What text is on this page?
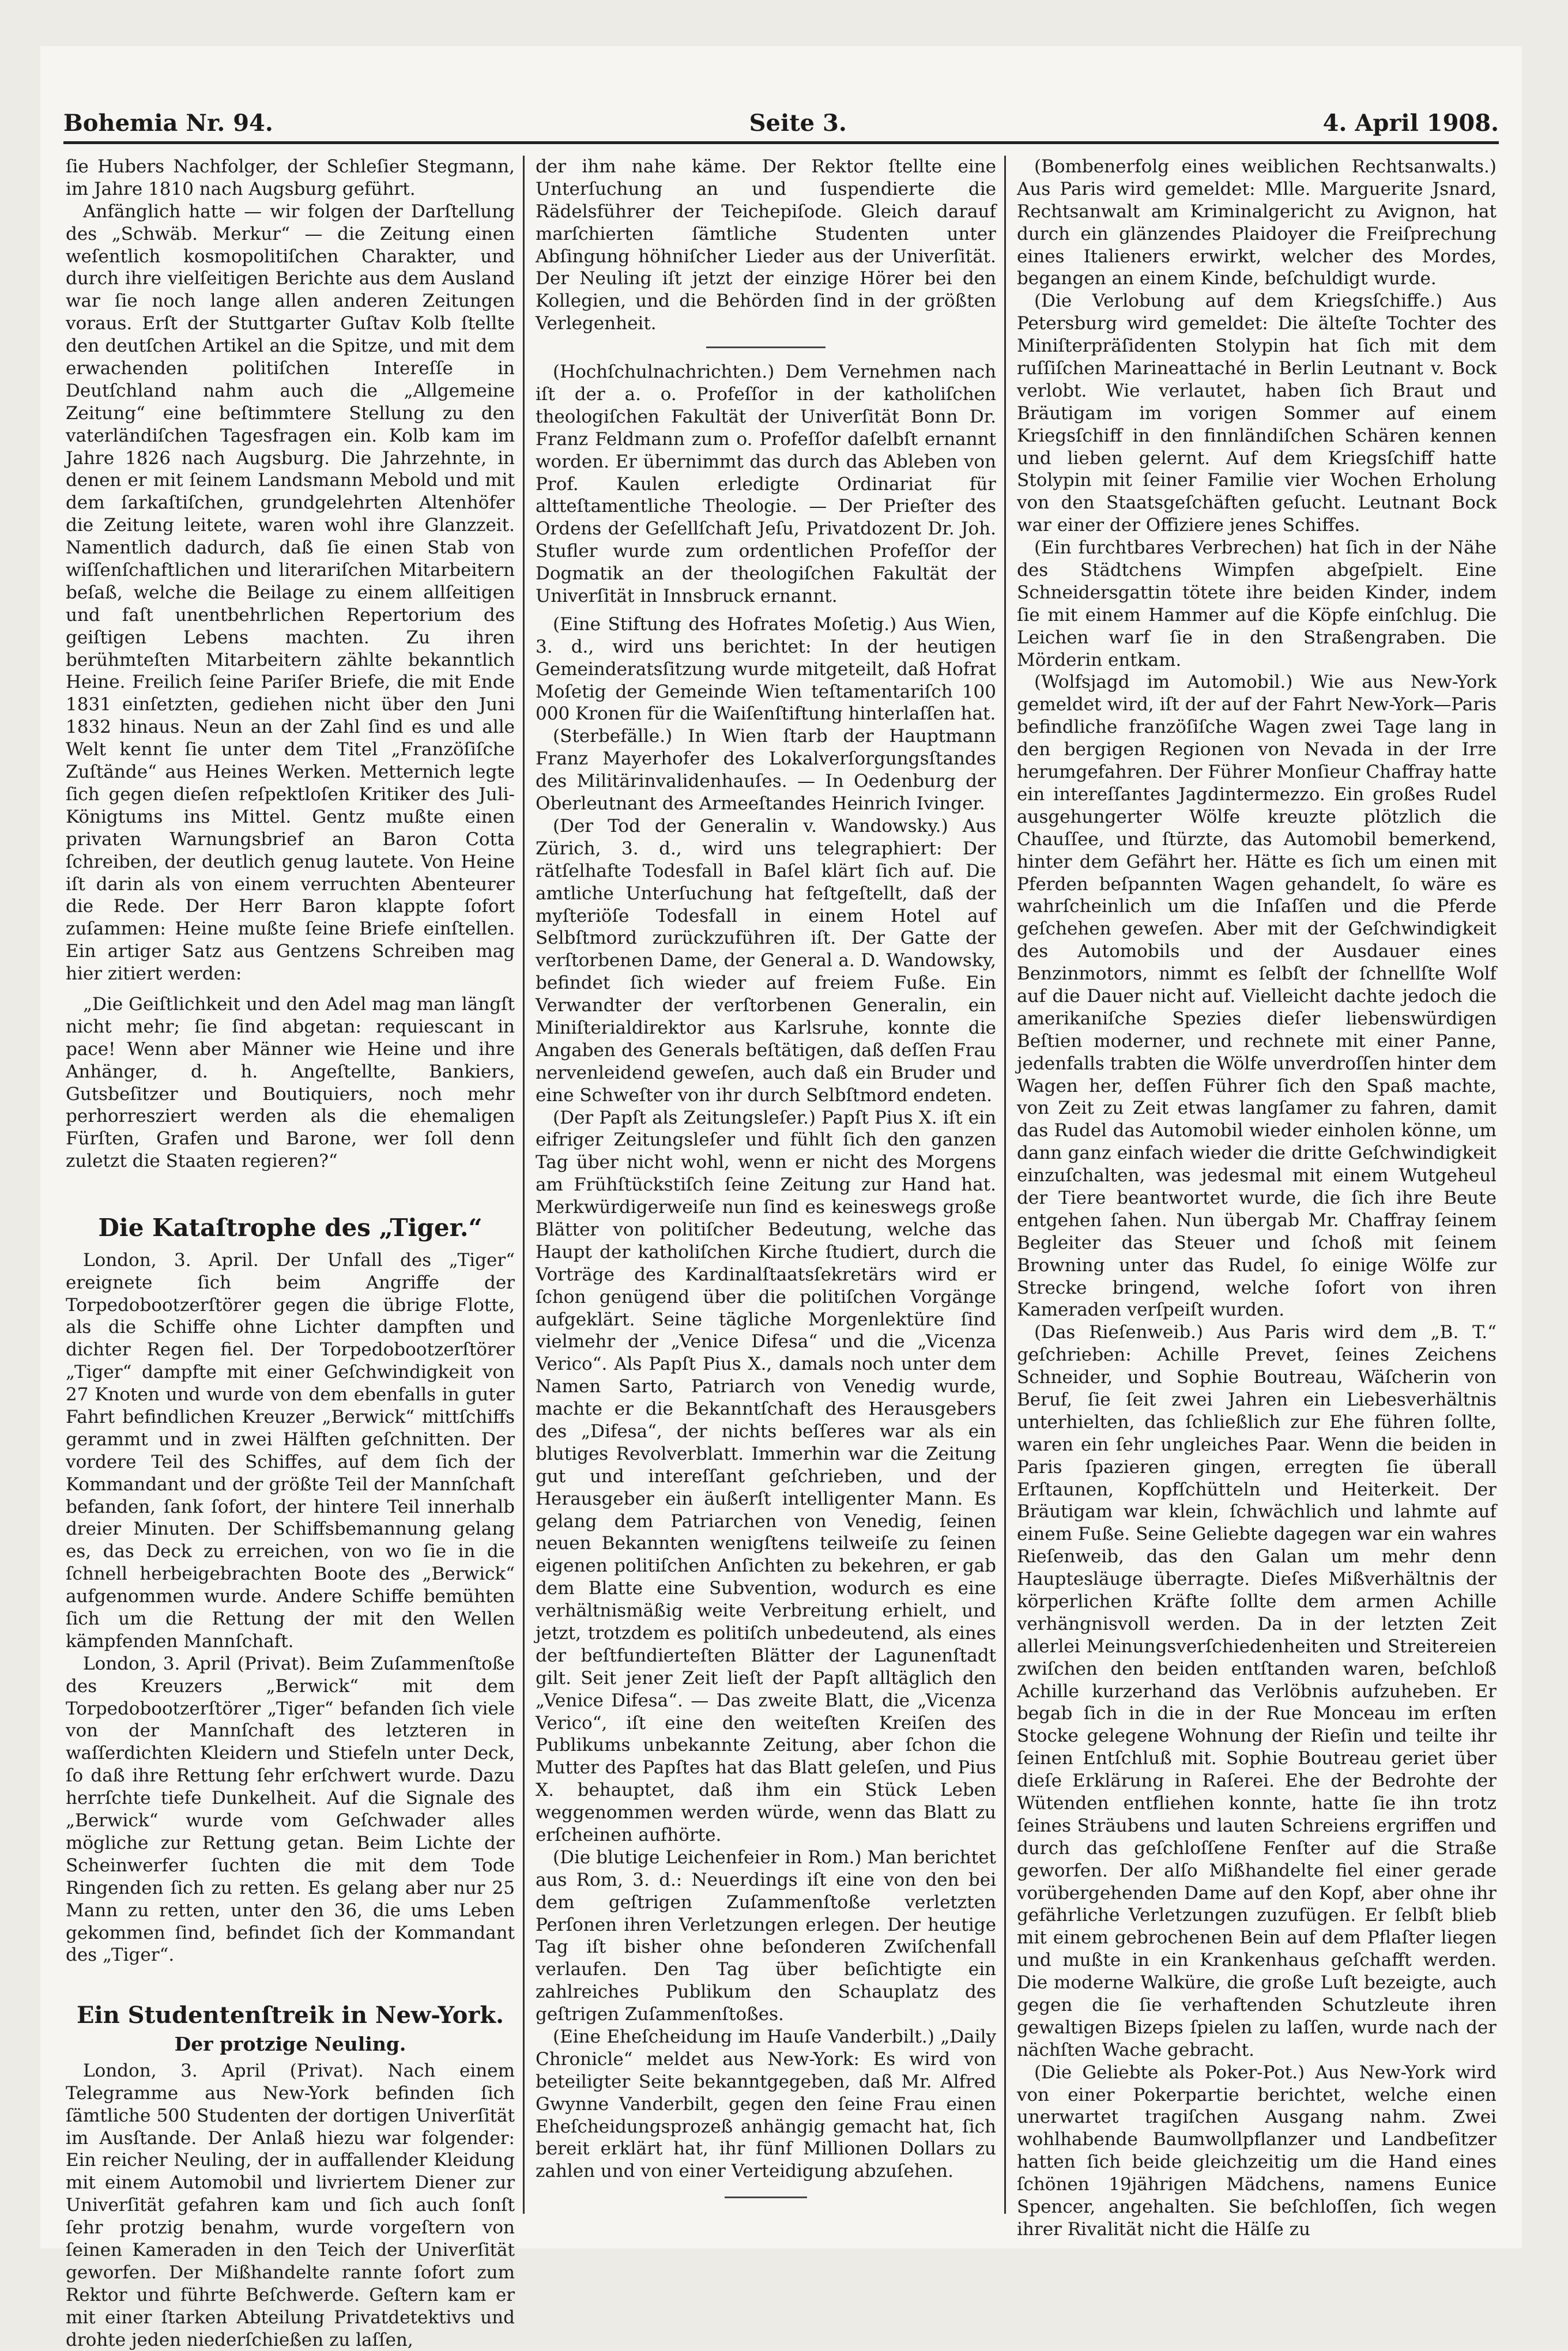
Bohemia Nr. 94.	Seite 3.	4. April 1908.

ſie Hubers Nachfolger, der Schleſier Stegmann, im Jahre 1810 nach Augsburg geführt.

Anfänglich hatte — wir folgen der Darſtellung des „Schwäb. Merkur“ — die Zeitung einen weſentlich kosmopolitiſchen Charakter, und durch ihre vielſeitigen Berichte aus dem Ausland war ſie noch lange allen anderen Zeitungen voraus. Erſt der Stuttgarter Guſtav Kolb ſtellte den deutſchen Artikel an die Spitze, und mit dem erwachenden politiſchen Intereſſe in Deutſchland nahm auch die „Allgemeine Zeitung“ eine beſtimmtere Stellung zu den vaterländiſchen Tagesfragen ein. Kolb kam im Jahre 1826 nach Augsburg. Die Jahrzehnte, in denen er mit ſeinem Landsmann Mebold und mit dem ſarkaſtiſchen, grundgelehrten Altenhöfer die Zeitung leitete, waren wohl ihre Glanzzeit. Namentlich dadurch, daß ſie einen Stab von wiſſenſchaftlichen und literariſchen Mitarbeitern beſaß, welche die Beilage zu einem allſeitigen und faſt unentbehrlichen Repertorium des geiſtigen Lebens machten. Zu ihren berühmteſten Mitarbeitern zählte bekanntlich Heine. Freilich ſeine Pariſer Briefe, die mit Ende 1831 einſetzten, gediehen nicht über den Juni 1832 hinaus. Neun an der Zahl ſind es und alle Welt kennt ſie unter dem Titel „Franzöſiſche Zuſtände“ aus Heines Werken. Metternich legte ſich gegen dieſen reſpektloſen Kritiker des Juli-Königtums ins Mittel. Gentz mußte einen privaten Warnungsbrief an Baron Cotta ſchreiben, der deutlich genug lautete. Von Heine iſt darin als von einem verruchten Abenteurer die Rede. Der Herr Baron klappte ſofort zuſammen: Heine mußte ſeine Briefe einſtellen. Ein artiger Satz aus Gentzens Schreiben mag hier zitiert werden:

„Die Geiſtlichkeit und den Adel mag man längſt nicht mehr; ſie ſind abgetan: requiescant in pace! Wenn aber Männer wie Heine und ihre Anhänger, d. h. Angeſtellte, Bankiers, Gutsbeſitzer und Boutiquiers, noch mehr perhorresziert werden als die ehemaligen Fürſten, Grafen und Barone, wer ſoll denn zuletzt die Staaten regieren?“

Die Kataſtrophe des „Tiger.“

London, 3. April. Der Unfall des „Tiger“ ereignete ſich beim Angriffe der Torpedobootzerſtörer gegen die übrige Flotte, als die Schiffe ohne Lichter dampften und dichter Regen fiel. Der Torpedobootzerſtörer „Tiger“ dampfte mit einer Geſchwindigkeit von 27 Knoten und wurde von dem ebenfalls in guter Fahrt befindlichen Kreuzer „Berwick“ mittſchiffs gerammt und in zwei Hälften geſchnitten. Der vordere Teil des Schiffes, auf dem ſich der Kommandant und der größte Teil der Mannſchaft befanden, ſank ſofort, der hintere Teil innerhalb dreier Minuten. Der Schiffsbemannung gelang es, das Deck zu erreichen, von wo ſie in die ſchnell herbeigebrachten Boote des „Berwick“ aufgenommen wurde. Andere Schiffe bemühten ſich um die Rettung der mit den Wellen kämpfenden Mannſchaft.

London, 3. April (Privat). Beim Zuſammenſtoße des Kreuzers „Berwick“ mit dem Torpedobootzerſtörer „Tiger“ befanden ſich viele von der Mannſchaft des letzteren in waſſerdichten Kleidern und Stiefeln unter Deck, ſo daß ihre Rettung ſehr erſchwert wurde. Dazu herrſchte tiefe Dunkelheit. Auf die Signale des „Berwick“ wurde vom Geſchwader alles mögliche zur Rettung getan. Beim Lichte der Scheinwerfer ſuchten die mit dem Tode Ringenden ſich zu retten. Es gelang aber nur 25 Mann zu retten, unter den 36, die ums Leben gekommen ſind, befindet ſich der Kommandant des „Tiger“.

Ein Studentenſtreik in New-York.
Der protzige Neuling.

London, 3. April (Privat). Nach einem Telegramme aus New-York befinden ſich ſämtliche 500 Studenten der dortigen Univerſität im Ausſtande. Der Anlaß hiezu war folgender: Ein reicher Neuling, der in auffallender Kleidung mit einem Automobil und livriertem Diener zur Univerſität gefahren kam und ſich auch ſonſt ſehr protzig benahm, wurde vorgeſtern von ſeinen Kameraden in den Teich der Univerſität geworfen. Der Mißhandelte rannte ſofort zum Rektor und führte Beſchwerde. Geſtern kam er mit einer ſtarken Abteilung Privatdetektivs und drohte jeden niederſchießen zu laſſen,

der ihm nahe käme. Der Rektor ſtellte eine Unterſuchung an und ſuspendierte die Rädelsführer der Teichepiſode. Gleich darauf marſchierten ſämtliche Studenten unter Abſingung höhniſcher Lieder aus der Univerſität. Der Neuling iſt jetzt der einzige Hörer bei den Kollegien, und die Behörden ſind in der größten Verlegenheit.

(Hochſchulnachrichten.) Dem Vernehmen nach iſt der a. o. Profeſſor in der katholiſchen theologiſchen Fakultät der Univerſität Bonn Dr. Franz Feldmann zum o. Profeſſor daſelbſt ernannt worden. Er übernimmt das durch das Ableben von Prof. Kaulen erledigte Ordinariat für altteſtamentliche Theologie. — Der Prieſter des Ordens der Geſellſchaft Jeſu, Privatdozent Dr. Joh. Stufler wurde zum ordentlichen Profeſſor der Dogmatik an der theologiſchen Fakultät der Univerſität in Innsbruck ernannt.

(Eine Stiftung des Hofrates Moſetig.) Aus Wien, 3. d., wird uns berichtet: In der heutigen Gemeinderatsſitzung wurde mitgeteilt, daß Hofrat Moſetig der Gemeinde Wien teſtamentariſch 100 000 Kronen für die Waiſenſtiftung hinterlaſſen hat.

(Sterbefälle.) In Wien ſtarb der Hauptmann Franz Mayerhofer des Lokalverſorgungsſtandes des Militärinvalidenhauſes. — In Oedenburg der Oberleutnant des Armeeſtandes Heinrich Ivinger.

(Der Tod der Generalin v. Wandowsky.) Aus Zürich, 3. d., wird uns telegraphiert: Der rätſelhafte Todesfall in Baſel klärt ſich auf. Die amtliche Unterſuchung hat feſtgeſtellt, daß der myſteriöſe Todesfall in einem Hotel auf Selbſtmord zurückzuführen iſt. Der Gatte der verſtorbenen Dame, der General a. D. Wandowsky, befindet ſich wieder auf freiem Fuße. Ein Verwandter der verſtorbenen Generalin, ein Miniſterialdirektor aus Karlsruhe, konnte die Angaben des Generals beſtätigen, daß deſſen Frau nervenleidend geweſen, auch daß ein Bruder und eine Schweſter von ihr durch Selbſtmord endeten.

(Der Papſt als Zeitungsleſer.) Papſt Pius X. iſt ein eifriger Zeitungsleſer und fühlt ſich den ganzen Tag über nicht wohl, wenn er nicht des Morgens am Frühſtückstiſch ſeine Zeitung zur Hand hat. Merkwürdigerweiſe nun ſind es keineswegs große Blätter von politiſcher Bedeutung, welche das Haupt der katholiſchen Kirche ſtudiert, durch die Vorträge des Kardinalſtaatsſekretärs wird er ſchon genügend über die politiſchen Vorgänge aufgeklärt. Seine tägliche Morgenlektüre ſind vielmehr der „Venice Difesa“ und die „Vicenza Verico“. Als Papſt Pius X., damals noch unter dem Namen Sarto, Patriarch von Venedig wurde, machte er die Bekanntſchaft des Herausgebers des „Difesa“, der nichts beſſeres war als ein blutiges Revolverblatt. Immerhin war die Zeitung gut und intereſſant geſchrieben, und der Herausgeber ein äußerſt intelligenter Mann. Es gelang dem Patriarchen von Venedig, ſeinen neuen Bekannten wenigſtens teilweiſe zu ſeinen eigenen politiſchen Anſichten zu bekehren, er gab dem Blatte eine Subvention, wodurch es eine verhältnismäßig weite Verbreitung erhielt, und jetzt, trotzdem es politiſch unbedeutend, als eines der beſtfundierteſten Blätter der Lagunenſtadt gilt. Seit jener Zeit lieſt der Papſt alltäglich den „Venice Difesa“. — Das zweite Blatt, die „Vicenza Verico“, iſt eine den weiteſten Kreiſen des Publikums unbekannte Zeitung, aber ſchon die Mutter des Papſtes hat das Blatt geleſen, und Pius X. behauptet, daß ihm ein Stück Leben weggenommen werden würde, wenn das Blatt zu erſcheinen aufhörte.

(Die blutige Leichenfeier in Rom.) Man berichtet aus Rom, 3. d.: Neuerdings iſt eine von den bei dem geſtrigen Zuſammenſtoße verletzten Perſonen ihren Verletzungen erlegen. Der heutige Tag iſt bisher ohne beſonderen Zwiſchenfall verlaufen. Den Tag über beſichtigte ein zahlreiches Publikum den Schauplatz des geſtrigen Zuſammenſtoßes.

(Eine Eheſcheidung im Hauſe Vanderbilt.) „Daily Chronicle“ meldet aus New-York: Es wird von beteiligter Seite bekanntgegeben, daß Mr. Alfred Gwynne Vanderbilt, gegen den ſeine Frau einen Eheſcheidungsprozeß anhängig gemacht hat, ſich bereit erklärt hat, ihr fünf Millionen Dollars zu zahlen und von einer Verteidigung abzuſehen.

(Bombenerfolg eines weiblichen Rechtsanwalts.) Aus Paris wird gemeldet: Mlle. Marguerite Jsnard, Rechtsanwalt am Kriminalgericht zu Avignon, hat durch ein glänzendes Plaidoyer die Freiſprechung eines Italieners erwirkt, welcher des Mordes, begangen an einem Kinde, beſchuldigt wurde.

(Die Verlobung auf dem Kriegsſchiffe.) Aus Petersburg wird gemeldet: Die älteſte Tochter des Miniſterpräſidenten Stolypin hat ſich mit dem ruſſiſchen Marineattaché in Berlin Leutnant v. Bock verlobt. Wie verlautet, haben ſich Braut und Bräutigam im vorigen Sommer auf einem Kriegsſchiff in den finnländiſchen Schären kennen und lieben gelernt. Auf dem Kriegsſchiff hatte Stolypin mit ſeiner Familie vier Wochen Erholung von den Staatsgeſchäften geſucht. Leutnant Bock war einer der Offiziere jenes Schiffes.

(Ein furchtbares Verbrechen) hat ſich in der Nähe des Städtchens Wimpfen abgeſpielt. Eine Schneidersgattin tötete ihre beiden Kinder, indem ſie mit einem Hammer auf die Köpfe einſchlug. Die Leichen warf ſie in den Straßengraben. Die Mörderin entkam.

(Wolfsjagd im Automobil.) Wie aus New-York gemeldet wird, iſt der auf der Fahrt New-York—Paris befindliche franzöſiſche Wagen zwei Tage lang in den bergigen Regionen von Nevada in der Irre herumgefahren. Der Führer Monſieur Chaffray hatte ein intereſſantes Jagdintermezzo. Ein großes Rudel ausgehungerter Wölfe kreuzte plötzlich die Chauſſee, und ſtürzte, das Automobil bemerkend, hinter dem Gefährt her. Hätte es ſich um einen mit Pferden beſpannten Wagen gehandelt, ſo wäre es wahrſcheinlich um die Inſaſſen und die Pferde geſchehen geweſen. Aber mit der Geſchwindigkeit des Automobils und der Ausdauer eines Benzinmotors, nimmt es ſelbſt der ſchnellſte Wolf auf die Dauer nicht auf. Vielleicht dachte jedoch die amerikaniſche Spezies dieſer liebenswürdigen Beſtien moderner, und rechnete mit einer Panne, jedenfalls trabten die Wölfe unverdroſſen hinter dem Wagen her, deſſen Führer ſich den Spaß machte, von Zeit zu Zeit etwas langſamer zu fahren, damit das Rudel das Automobil wieder einholen könne, um dann ganz einfach wieder die dritte Geſchwindigkeit einzuſchalten, was jedesmal mit einem Wutgeheul der Tiere beantwortet wurde, die ſich ihre Beute entgehen ſahen. Nun übergab Mr. Chaffray ſeinem Begleiter das Steuer und ſchoß mit ſeinem Browning unter das Rudel, ſo einige Wölfe zur Strecke bringend, welche ſofort von ihren Kameraden verſpeiſt wurden.

(Das Rieſenweib.) Aus Paris wird dem „B. T.“ geſchrieben: Achille Prevet, ſeines Zeichens Schneider, und Sophie Boutreau, Wäſcherin von Beruf, ſie ſeit zwei Jahren ein Liebesverhältnis unterhielten, das ſchließlich zur Ehe führen ſollte, waren ein ſehr ungleiches Paar. Wenn die beiden in Paris ſpazieren gingen, erregten ſie überall Erſtaunen, Kopfſchütteln und Heiterkeit. Der Bräutigam war klein, ſchwächlich und lahmte auf einem Fuße. Seine Geliebte dagegen war ein wahres Rieſenweib, das den Galan um mehr denn Hauptesläuge überragte. Dieſes Mißverhältnis der körperlichen Kräfte ſollte dem armen Achille verhängnisvoll werden. Da in der letzten Zeit allerlei Meinungsverſchiedenheiten und Streitereien zwiſchen den beiden entſtanden waren, beſchloß Achille kurzerhand das Verlöbnis aufzuheben. Er begab ſich in die in der Rue Monceau im erſten Stocke gelegene Wohnung der Rieſin und teilte ihr ſeinen Entſchluß mit. Sophie Boutreau geriet über dieſe Erklärung in Raſerei. Ehe der Bedrohte der Wütenden entfliehen konnte, hatte ſie ihn trotz ſeines Sträubens und lauten Schreiens ergriffen und durch das geſchloſſene Fenſter auf die Straße geworfen. Der alſo Mißhandelte fiel einer gerade vorübergehenden Dame auf den Kopf, aber ohne ihr gefährliche Verletzungen zuzufügen. Er ſelbſt blieb mit einem gebrochenen Bein auf dem Pflaſter liegen und mußte in ein Krankenhaus geſchafft werden. Die moderne Walküre, die große Luſt bezeigte, auch gegen die ſie verhaftenden Schutzleute ihren gewaltigen Bizeps ſpielen zu laſſen, wurde nach der nächſten Wache gebracht.

(Die Geliebte als Poker-Pot.) Aus New-York wird von einer Pokerpartie berichtet, welche einen unerwartet tragiſchen Ausgang nahm. Zwei wohlhabende Baumwollpflanzer und Landbeſitzer hatten ſich beide gleichzeitig um die Hand eines ſchönen 19jährigen Mädchens, namens Eunice Spencer, angehalten. Sie beſchloſſen, ſich wegen ihrer Rivalität nicht die Hälſe zu
